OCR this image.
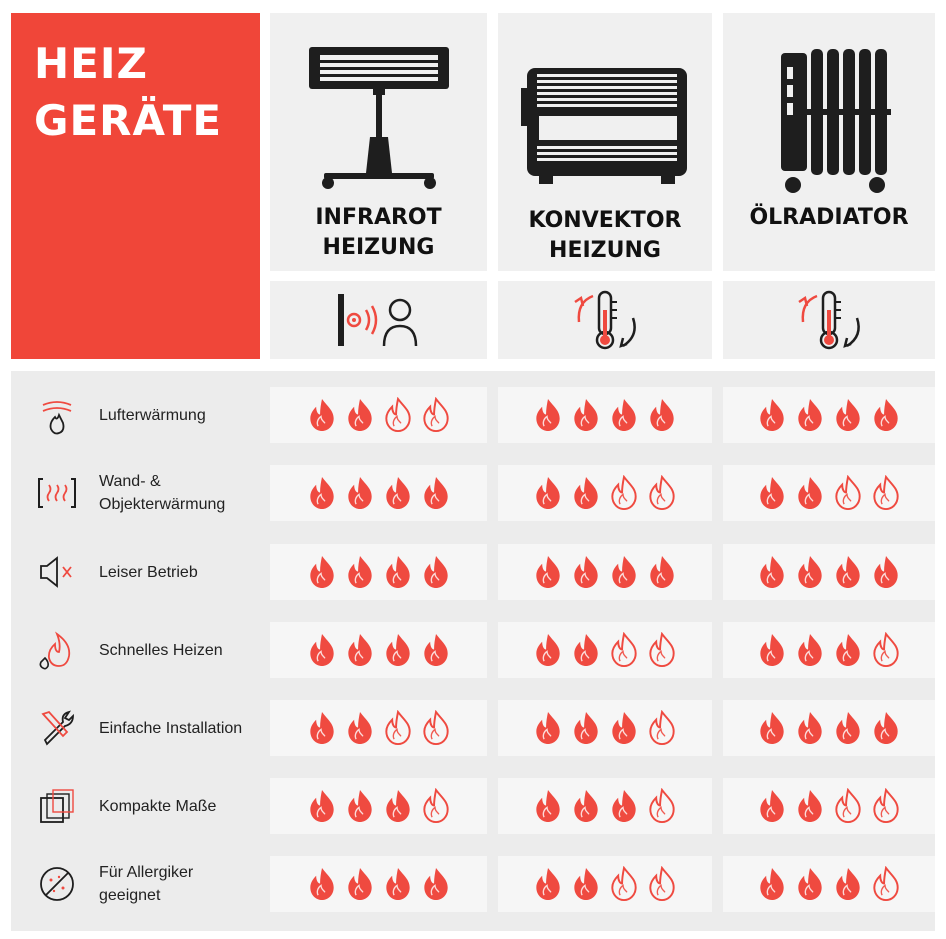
HEIZ
GERÄTE
INFRAROT
HEIZUNG
KONVEKTOR
HEIZUNG
ÖLRADIATOR
Lufterwärmung
Wand- &
Objekterwärmung
Leiser Betrieb
Schnelles Heizen
Einfache Installation
Kompakte Maße
Für Allergiker
geeignet
